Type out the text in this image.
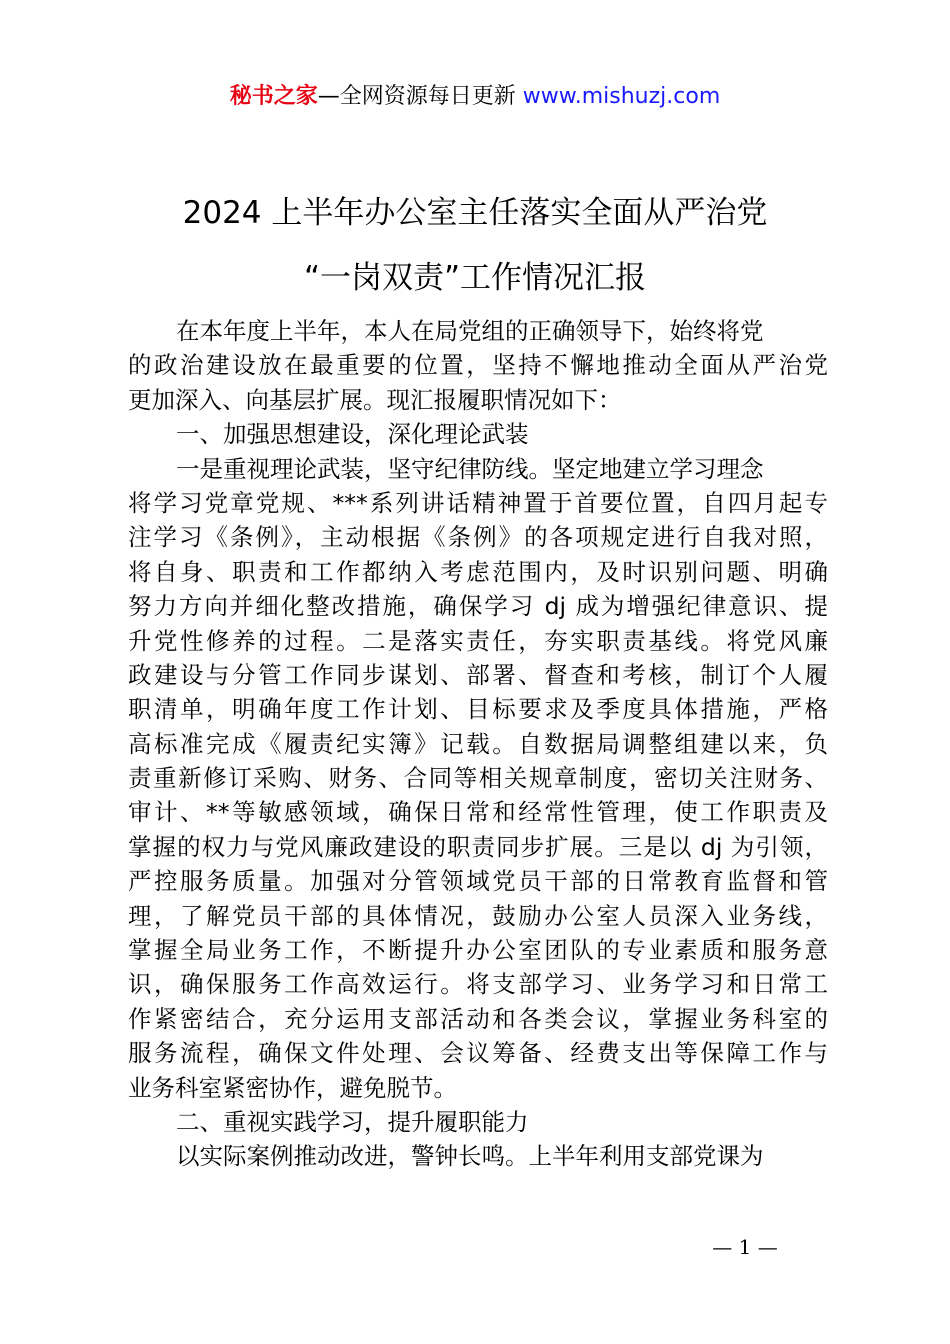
秘书之家—全网资源每日更新 www.mishuzj.com
2024 上半年办公室主任落实全面从严治党
“一岗双责”工作情况汇报
在本年度上半年，本人在局党组的正确领导下，始终将党
的政治建设放在最重要的位置，坚持不懈地推动全面从严治党
更加深入、向基层扩展。现汇报履职情况如下：
一、加强思想建设，深化理论武装
一是重视理论武装，坚守纪律防线。坚定地建立学习理念
将学习党章党规、***系列讲话精神置于首要位置，自四月起专
注学习《条例》，主动根据《条例》的各项规定进行自我对照，
将自身、职责和工作都纳入考虑范围内，及时识别问题、明确
努力方向并细化整改措施，确保学习 dj 成为增强纪律意识、提
升党性修养的过程。二是落实责任，夯实职责基线。将党风廉
政建设与分管工作同步谋划、部署、督查和考核，制订个人履
职清单，明确年度工作计划、目标要求及季度具体措施，严格
高标准完成《履责纪实簿》记载。自数据局调整组建以来，负
责重新修订采购、财务、合同等相关规章制度，密切关注财务、
审计、**等敏感领域，确保日常和经常性管理，使工作职责及
掌握的权力与党风廉政建设的职责同步扩展。三是以 dj 为引领，
严控服务质量。加强对分管领域党员干部的日常教育监督和管
理，了解党员干部的具体情况，鼓励办公室人员深入业务线，
掌握全局业务工作，不断提升办公室团队的专业素质和服务意
识，确保服务工作高效运行。将支部学习、业务学习和日常工
作紧密结合，充分运用支部活动和各类会议，掌握业务科室的
服务流程，确保文件处理、会议筹备、经费支出等保障工作与
业务科室紧密协作，避免脱节。
二、重视实践学习，提升履职能力
以实际案例推动改进，警钟长鸣。上半年利用支部党课为
— 1 —
